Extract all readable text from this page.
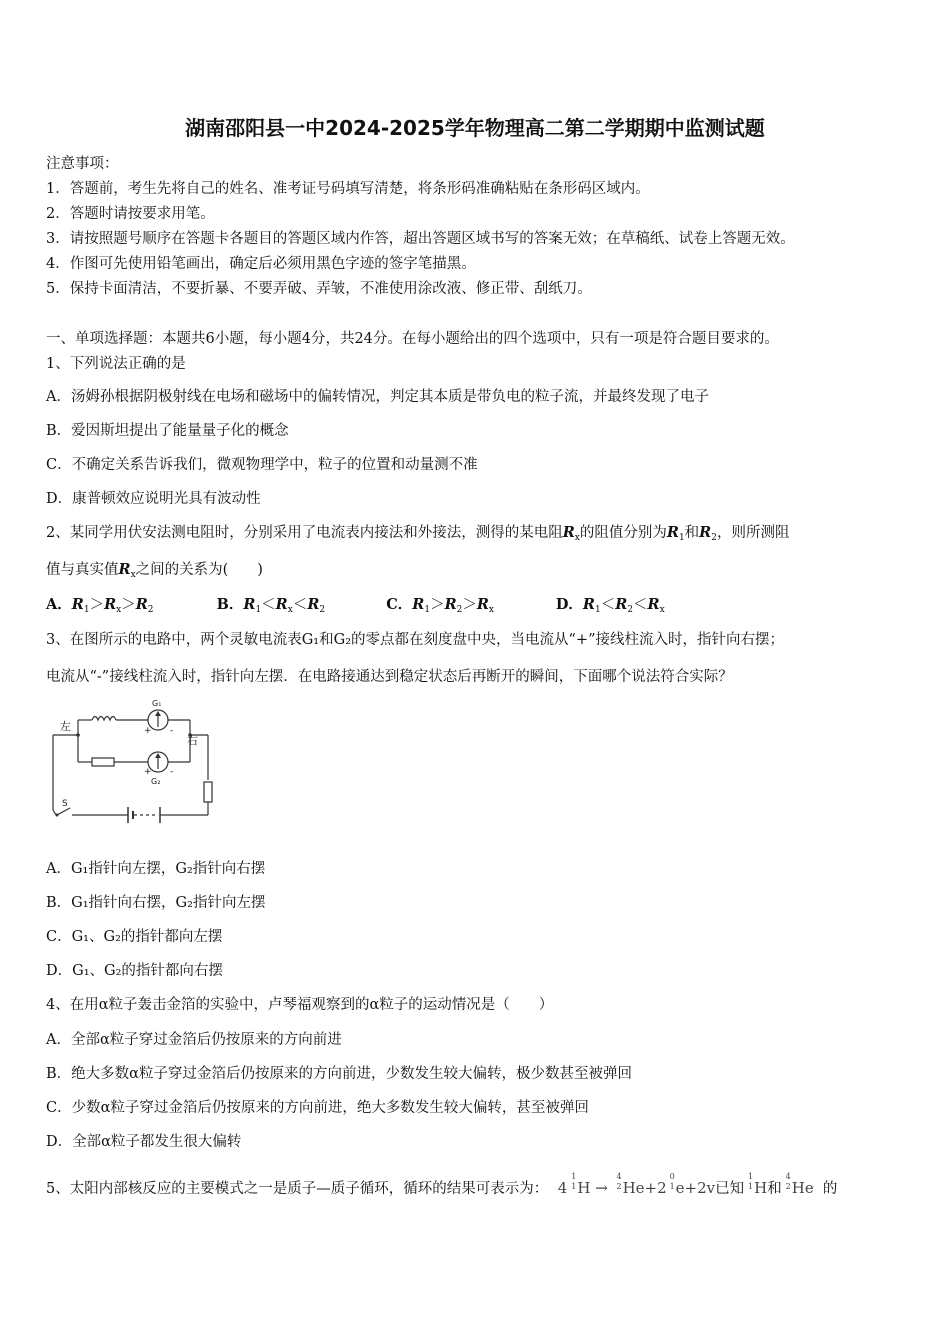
湖南邵阳县一中2024-2025学年物理高二第二学期期中监测试题
注意事项：
1．答题前，考生先将自己的姓名、准考证号码填写清楚，将条形码准确粘贴在条形码区域内。
2．答题时请按要求用笔。
3．请按照题号顺序在答题卡各题目的答题区域内作答，超出答题区域书写的答案无效；在草稿纸、试卷上答题无效。
4．作图可先使用铅笔画出，确定后必须用黑色字迹的签字笔描黑。
5．保持卡面清洁，不要折暴、不要弄破、弄皱，不准使用涂改液、修正带、刮纸刀。
一、单项选择题：本题共6小题，每小题4分，共24分。在每小题给出的四个选项中，只有一项是符合题目要求的。
1、下列说法正确的是
A．汤姆孙根据阴极射线在电场和磁场中的偏转情况，判定其本质是带负电的粒子流，并最终发现了电子
B．爱因斯坦提出了能量量子化的概念
C．不确定关系告诉我们，微观物理学中，粒子的位置和动量测不准
D．康普顿效应说明光具有波动性
2、某同学用伏安法测电阻时，分别采用了电流表内接法和外接法，测得的某电阻$R_x$的阻值分别为$R_1$和$R_2$，则所测阻
值与真实值$R_x$之间的关系为(　　)
A．$R_1>R_x>R_2$	B．$R_1<R_x<R_2$	C．$R_1>R_2>R_x$	D．$R_1<R_2<R_x$
3、在图所示的电路中，两个灵敏电流表G₁和G₂的零点都在刻度盘中央，当电流从“+”接线柱流入时，指针向右摆；
电流从“-”接线柱流入时，指针向左摆．在电路接通达到稳定状态后再断开的瞬间，下面哪个说法符合实际？
左
右
G₁
G₂
+ -
+ -
S
A．G₁指针向左摆，G₂指针向右摆
B．G₁指针向右摆，G₂指针向左摆
C．G₁、G₂的指针都向左摆
D．G₁、G₂的指针都向右摆
4、在用α粒子轰击金箔的实验中，卢琴福观察到的α粒子的运动情况是（　　）
A．全部α粒子穿过金箔后仍按原来的方向前进
B．绝大多数α粒子穿过金箔后仍按原来的方向前进，少数发生较大偏转，极少数甚至被弹回
C．少数α粒子穿过金箔后仍按原来的方向前进，绝大多数发生较大偏转，甚至被弹回
D．全部α粒子都发生很大偏转
5、太阳内部核反应的主要模式之一是质子—质子循环，循环的结果可表示为： 4
1
1 H →
4
2 He+2
0
1 e+2v已知
1
1 H和
4
2 He 的
